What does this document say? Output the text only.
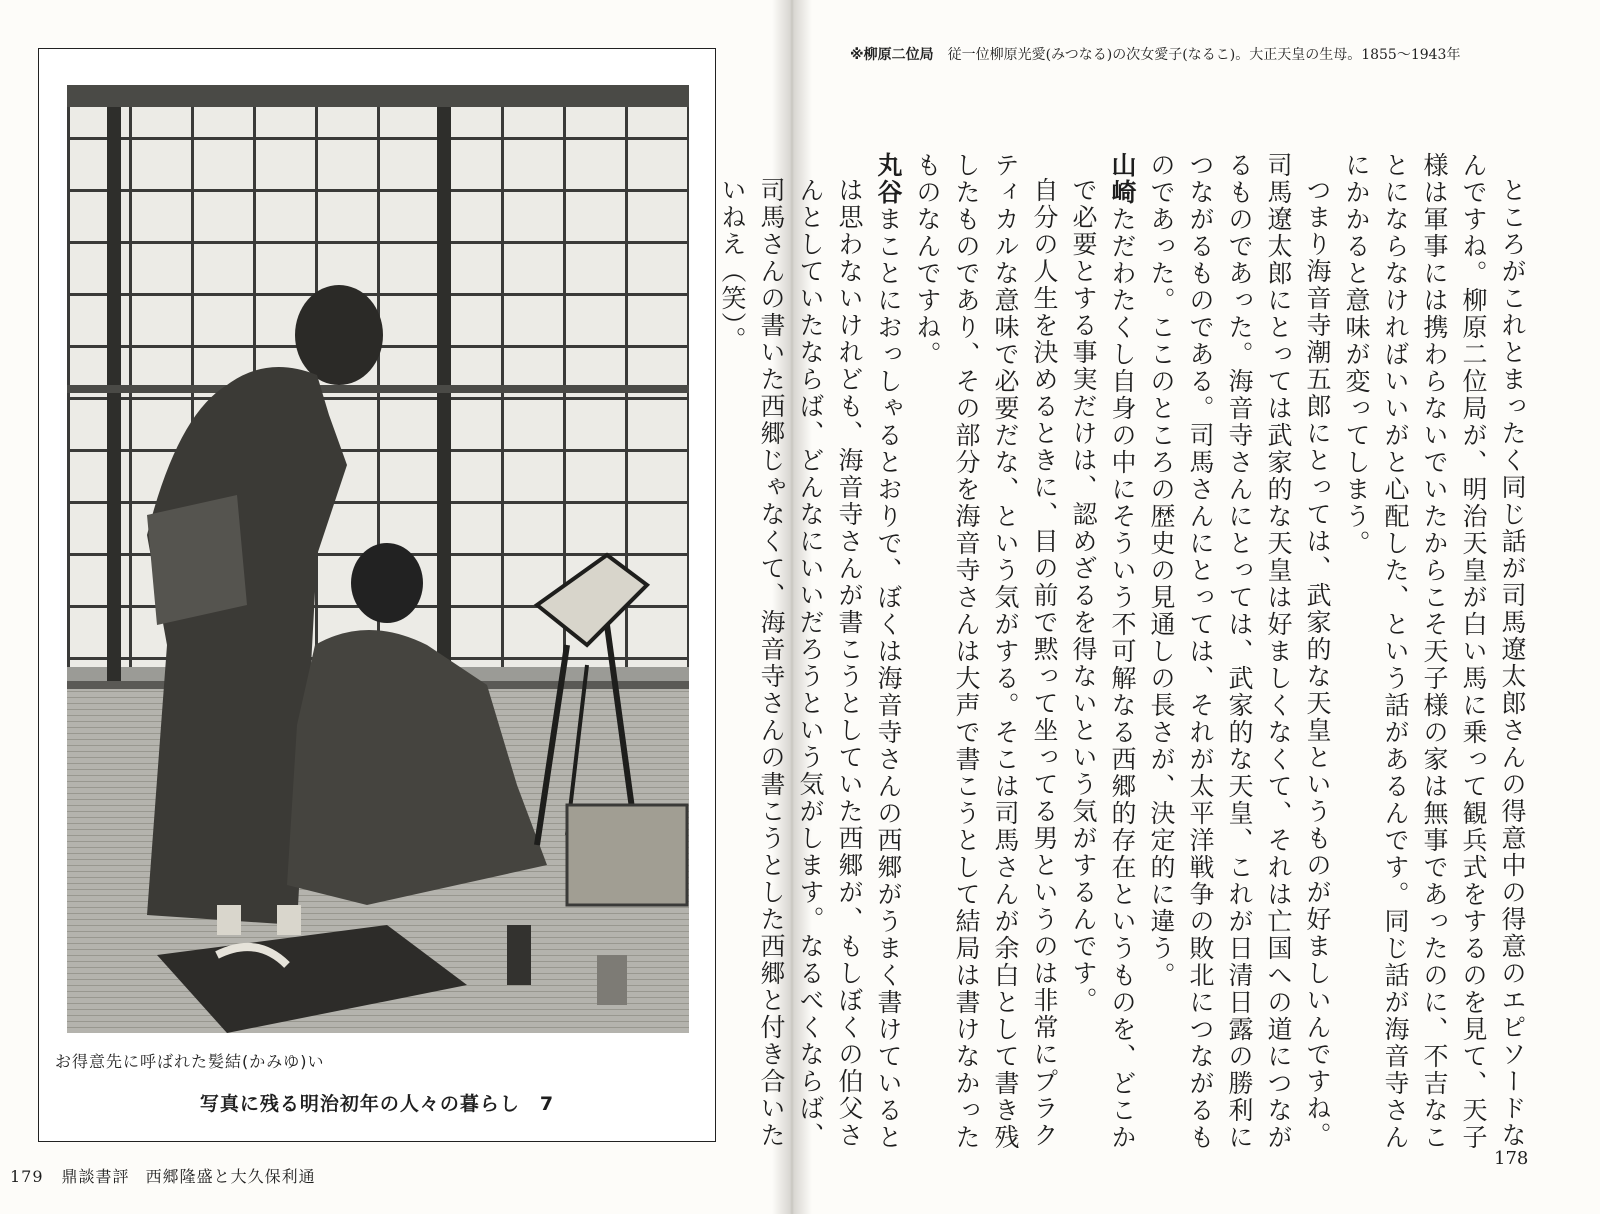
お得意先に呼ばれた髪結(かみゆ)い
写真に残る明治初年の人々の暮らし　7
179 鼎談書評 西郷隆盛と大久保利通
※柳原二位局 従一位柳原光愛(みつなる)の次女愛子(なるこ)。大正天皇の生母。1855～1943年

ところがこれとまったく同じ話が司馬遼太郎さんの得意中の得意のエピソードなんですね。柳原二位局が、明治天皇が白い馬に乗って観兵式をするのを見て、天子様は軍事には携わらないでいたからこそ天子様の家は無事であったのに、不吉なことにならなければいいがと心配した、という話があるんです。同じ話が海音寺さんにかかると意味が変ってしまう。

つまり海音寺潮五郎にとっては、武家的な天皇というものが好ましいんですね。司馬遼太郎にとっては武家的な天皇は好ましくなくて、それは亡国への道につながるものであった。海音寺さんにとっては、武家的な天皇、これが日清日露の勝利につながるものである。司馬さんにとっては、それが太平洋戦争の敗北につながるものであった。ここのところの歴史の見通しの長さが、決定的に違う。

山崎ただわたくし自身の中にそういう不可解なる西郷的存在というものを、どこかで必要とする事実だけは、認めざるを得ないという気がするんです。

自分の人生を決めるときに、目の前で黙って坐ってる男というのは非常にプラクティカルな意味で必要だな、という気がする。そこは司馬さんが余白として書き残したものであり、その部分を海音寺さんは大声で書こうとして結局は書けなかったものなんですね。

丸谷まことにおっしゃるとおりで、ぼくは海音寺さんの西郷がうまく書けているとは思わないけれども、海音寺さんが書こうとしていた西郷が、もしぼくの伯父さんとしていたならば、どんなにいいだろうという気がします。なるべくならば、司馬さんの書いた西郷じゃなくて、海音寺さんの書こうとした西郷と付き合いたいねえ（笑）。

178
